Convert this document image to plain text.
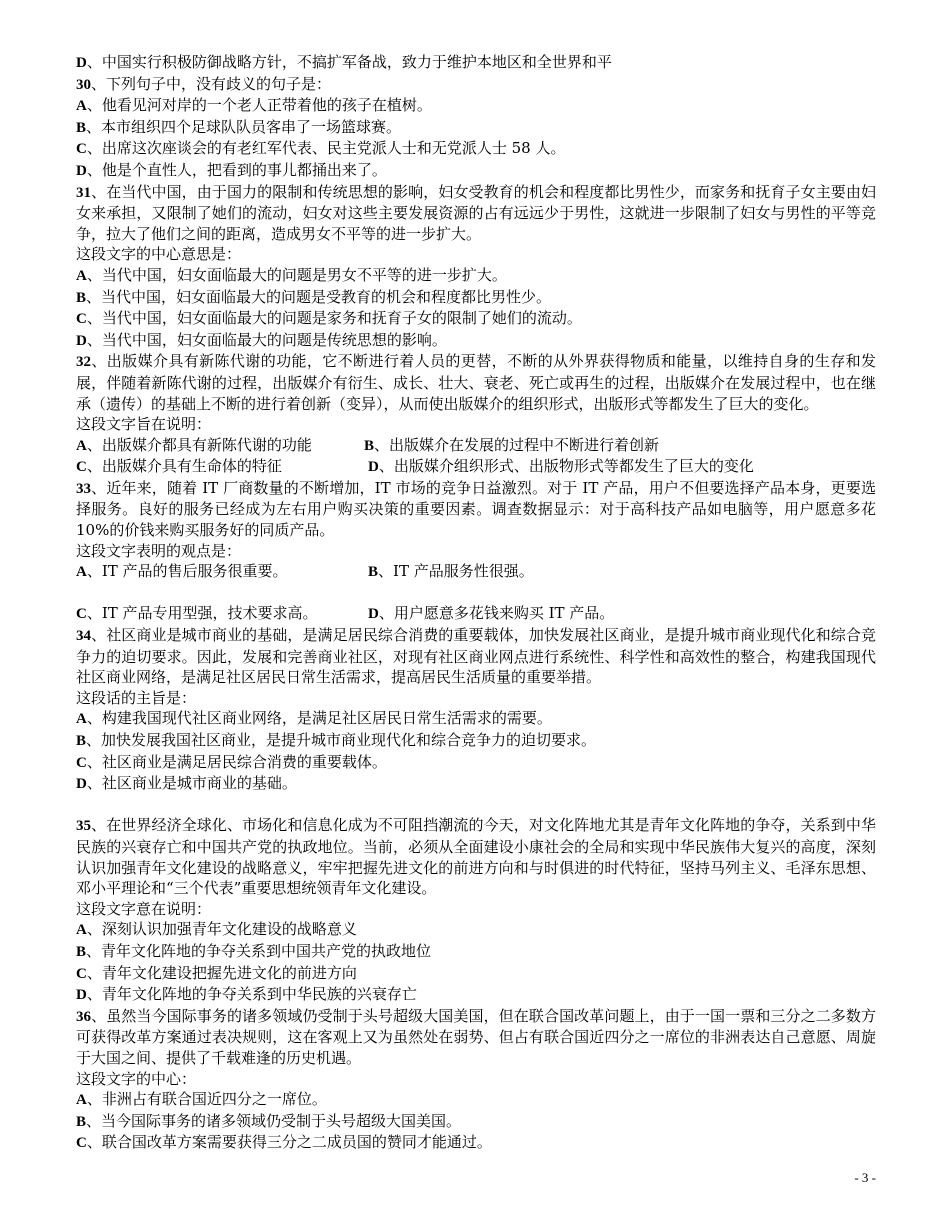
D、中国实行积极防御战略方针，不搞扩军备战，致力于维护本地区和全世界和平
30、下列句子中，没有歧义的句子是：
A、他看见河对岸的一个老人正带着他的孩子在植树。
B、本市组织四个足球队队员客串了一场篮球赛。
C、出席这次座谈会的有老红军代表、民主党派人士和无党派人士 58 人。
D、他是个直性人，把看到的事儿都捅出来了。
31、在当代中国，由于国力的限制和传统思想的影响，妇女受教育的机会和程度都比男性少，而家务和抚育子女主要由妇女来承担，又限制了她们的流动，妇女对这些主要发展资源的占有远远少于男性，这就进一步限制了妇女与男性的平等竞争，拉大了他们之间的距离，造成男女不平等的进一步扩大。
这段文字的中心意思是：
A、当代中国，妇女面临最大的问题是男女不平等的进一步扩大。
B、当代中国，妇女面临最大的问题是受教育的机会和程度都比男性少。
C、当代中国，妇女面临最大的问题是家务和抚育子女的限制了她们的流动。
D、当代中国，妇女面临最大的问题是传统思想的影响。
32、出版媒介具有新陈代谢的功能，它不断进行着人员的更替，不断的从外界获得物质和能量，以维持自身的生存和发展，伴随着新陈代谢的过程，出版媒介有衍生、成长、壮大、衰老、死亡或再生的过程，出版媒介在发展过程中，也在继承（遗传）的基础上不断的进行着创新（变异），从而使出版媒介的组织形式，出版形式等都发生了巨大的变化。
这段文字旨在说明：
A、出版媒介都具有新陈代谢的功能	B、出版媒介在发展的过程中不断进行着创新
C、出版媒介具有生命体的特征	D、出版媒介组织形式、出版物形式等都发生了巨大的变化
33、近年来，随着 IT 厂商数量的不断增加，IT 市场的竞争日益激烈。对于 IT 产品，用户不但要选择产品本身，更要选择服务。良好的服务已经成为左右用户购买决策的重要因素。调查数据显示：对于高科技产品如电脑等，用户愿意多花 10%的价钱来购买服务好的同质产品。
这段文字表明的观点是：
A、IT 产品的售后服务很重要。	B、IT 产品服务性很强。
C、IT 产品专用型强，技术要求高。	D、用户愿意多花钱来购买 IT 产品。
34、社区商业是城市商业的基础，是满足居民综合消费的重要载体，加快发展社区商业，是提升城市商业现代化和综合竞争力的迫切要求。因此，发展和完善商业社区，对现有社区商业网点进行系统性、科学性和高效性的整合，构建我国现代社区商业网络，是满足社区居民日常生活需求，提高居民生活质量的重要举措。
这段话的主旨是：
A、构建我国现代社区商业网络，是满足社区居民日常生活需求的需要。
B、加快发展我国社区商业，是提升城市商业现代化和综合竞争力的迫切要求。
C、社区商业是满足居民综合消费的重要载体。
D、社区商业是城市商业的基础。
35、在世界经济全球化、市场化和信息化成为不可阻挡潮流的今天，对文化阵地尤其是青年文化阵地的争夺，关系到中华民族的兴衰存亡和中国共产党的执政地位。当前，必须从全面建设小康社会的全局和实现中华民族伟大复兴的高度，深刻认识加强青年文化建设的战略意义，牢牢把握先进文化的前进方向和与时俱进的时代特征，坚持马列主义、毛泽东思想、邓小平理论和“三个代表”重要思想统领青年文化建设。
这段文字意在说明：
A、深刻认识加强青年文化建设的战略意义
B、青年文化阵地的争夺关系到中国共产党的执政地位
C、青年文化建设把握先进文化的前进方向
D、青年文化阵地的争夺关系到中华民族的兴衰存亡
36、虽然当今国际事务的诸多领域仍受制于头号超级大国美国，但在联合国改革问题上，由于一国一票和三分之二多数方可获得改革方案通过表决规则，这在客观上又为虽然处在弱势、但占有联合国近四分之一席位的非洲表达自己意愿、周旋于大国之间、提供了千载难逢的历史机遇。
这段文字的中心：
A、非洲占有联合国近四分之一席位。
B、当今国际事务的诸多领域仍受制于头号超级大国美国。
C、联合国改革方案需要获得三分之二成员国的赞同才能通过。
- 3 -
